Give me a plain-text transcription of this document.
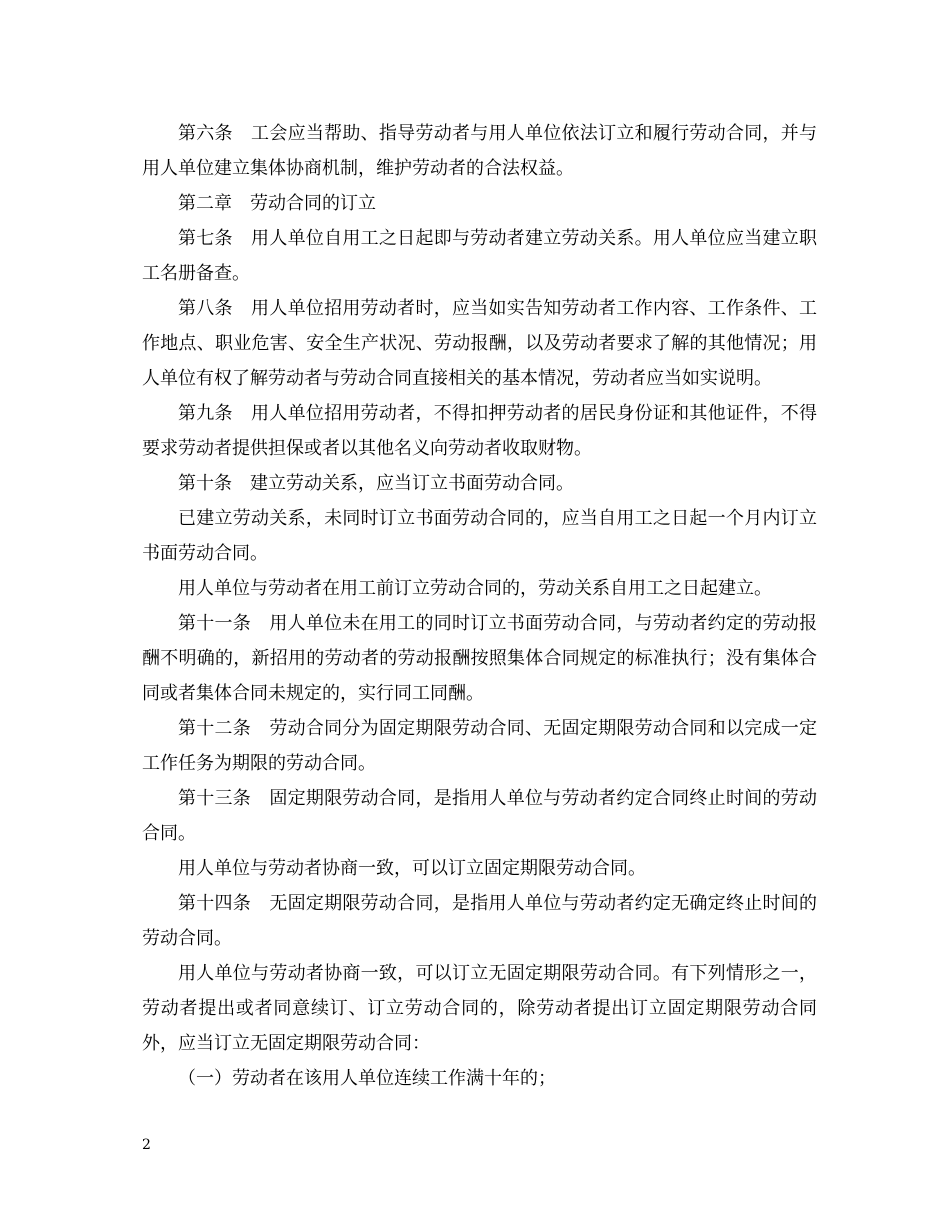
第六条　工会应当帮助、指导劳动者与用人单位依法订立和履行劳动合同，并与用人单位建立集体协商机制，维护劳动者的合法权益。

第二章　劳动合同的订立

第七条　用人单位自用工之日起即与劳动者建立劳动关系。用人单位应当建立职工名册备查。

第八条　用人单位招用劳动者时，应当如实告知劳动者工作内容、工作条件、工作地点、职业危害、安全生产状况、劳动报酬，以及劳动者要求了解的其他情况；用人单位有权了解劳动者与劳动合同直接相关的基本情况，劳动者应当如实说明。

第九条　用人单位招用劳动者，不得扣押劳动者的居民身份证和其他证件，不得要求劳动者提供担保或者以其他名义向劳动者收取财物。

第十条　建立劳动关系，应当订立书面劳动合同。

已建立劳动关系，未同时订立书面劳动合同的，应当自用工之日起一个月内订立书面劳动合同。

用人单位与劳动者在用工前订立劳动合同的，劳动关系自用工之日起建立。

第十一条　用人单位未在用工的同时订立书面劳动合同，与劳动者约定的劳动报酬不明确的，新招用的劳动者的劳动报酬按照集体合同规定的标准执行；没有集体合同或者集体合同未规定的，实行同工同酬。

第十二条　劳动合同分为固定期限劳动合同、无固定期限劳动合同和以完成一定工作任务为期限的劳动合同。

第十三条　固定期限劳动合同，是指用人单位与劳动者约定合同终止时间的劳动合同。

用人单位与劳动者协商一致，可以订立固定期限劳动合同。

第十四条　无固定期限劳动合同，是指用人单位与劳动者约定无确定终止时间的劳动合同。

用人单位与劳动者协商一致，可以订立无固定期限劳动合同。有下列情形之一，劳动者提出或者同意续订、订立劳动合同的，除劳动者提出订立固定期限劳动合同外，应当订立无固定期限劳动合同：

（一）劳动者在该用人单位连续工作满十年的；

2
